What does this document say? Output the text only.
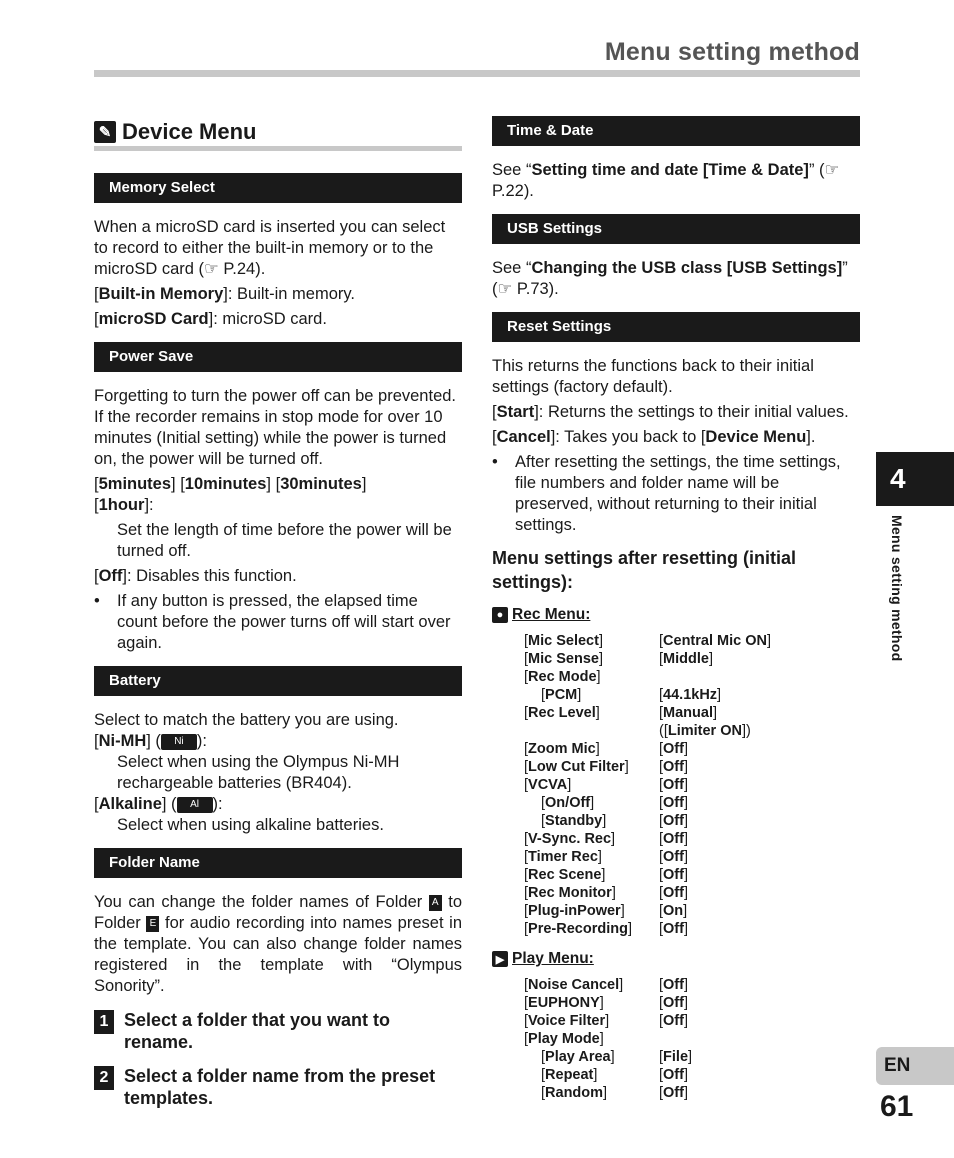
Menu setting method
✎ Device Menu
Memory Select

When a microSD card is inserted you can select to record to either the built-in memory or to the microSD card (☞ P.24).

[Built-in Memory]: Built-in memory.

[microSD Card]: microSD card.

Power Save

Forgetting to turn the power off can be prevented. If the recorder remains in stop mode for over 10 minutes (Initial setting) while the power is turned on, the power will be turned off.

[5minutes] [10minutes] [30minutes]
[1hour]:

Set the length of time before the power will be turned off.

[Off]: Disables this function.

• If any button is pressed, the elapsed time count before the power turns off will start over again.

Battery

Select to match the battery you are using.

[Ni-MH] ( Ni ):

Select when using the Olympus Ni-MH rechargeable batteries (BR404).

[Alkaline] ( Al ):

Select when using alkaline batteries.

Folder Name

You can change the folder names of Folder A to Folder E for audio recording into names preset in the template. You can also change folder names registered in the template with “Olympus Sonority”.

1 Select a folder that you want to rename.
2 Select a folder name from the preset templates.
Time & Date

See “Setting time and date [Time & Date]” (☞ P.22).

USB Settings

See “Changing the USB class [USB Settings]” (☞ P.73).

Reset Settings

This returns the functions back to their initial settings (factory default).

[Start]: Returns the settings to their initial values.

[Cancel]: Takes you back to [Device Menu].

• After resetting the settings, the time settings, file numbers and folder name will be preserved, without returning to their initial settings.

Menu settings after resetting (initial settings):
● Rec Menu:
[Mic Select]	[Central Mic ON]
[Mic Sense]	[Middle]
[Rec Mode]
[PCM]	[44.1kHz]
[Rec Level]	[Manual]
([Limiter ON])
[Zoom Mic]	[Off]
[Low Cut Filter]	[Off]
[VCVA]	[Off]
[On/Off]	[Off]
[Standby]	[Off]
[V-Sync. Rec]	[Off]
[Timer Rec]	[Off]
[Rec Scene]	[Off]
[Rec Monitor]	[Off]
[Plug-inPower]	[On]
[Pre-Recording]	[Off]
▶ Play Menu:
[Noise Cancel]	[Off]
[EUPHONY]	[Off]
[Voice Filter]	[Off]
[Play Mode]
[Play Area]	[File]
[Repeat]	[Off]
[Random]	[Off]
4
Menu setting method
EN
61
